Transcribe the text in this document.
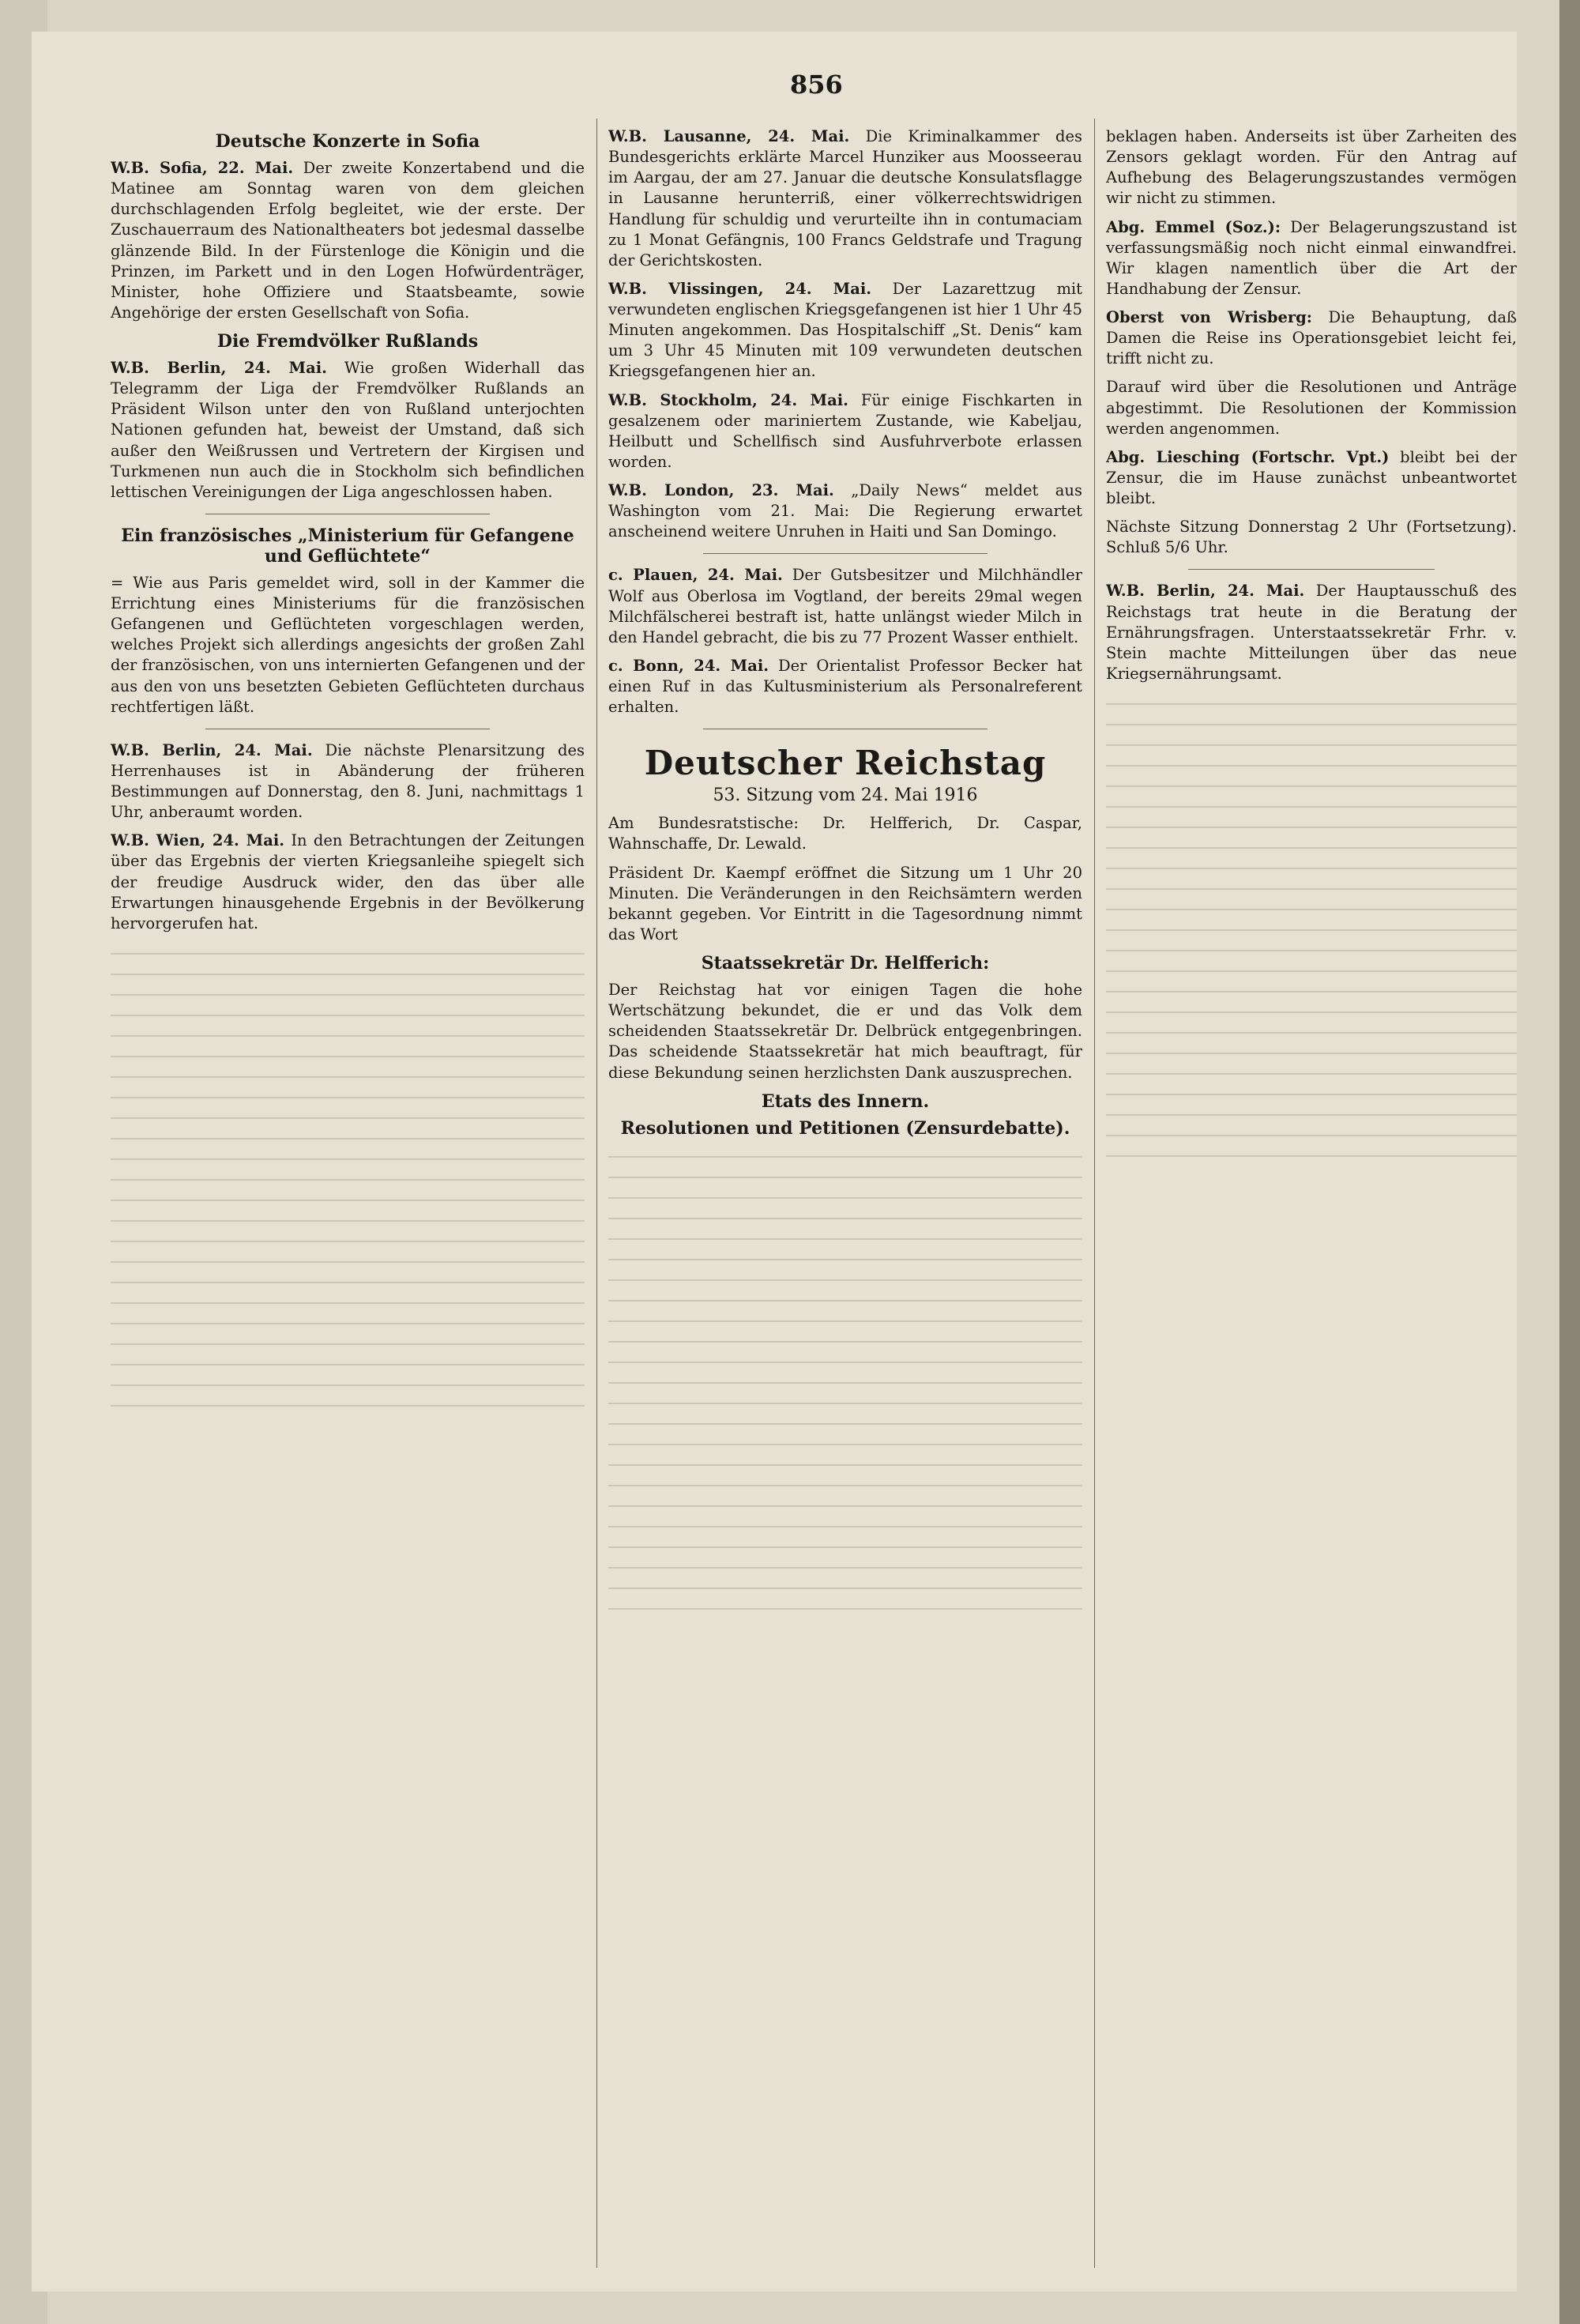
856
Deutsche Konzerte in Sofia

W.B. Sofia, 22. Mai. Der zweite Konzertabend und die Matinee am Sonntag waren von dem gleichen durchschlagenden Erfolg begleitet, wie der erste. Der Zuschauerraum des Nationaltheaters bot jedesmal dasselbe glänzende Bild. In der Fürstenloge die Königin und die Prinzen, im Parkett und in den Logen Hofwürdenträger, Minister, hohe Offiziere und Staatsbeamte, sowie Angehörige der ersten Gesellschaft von Sofia.

Die Fremdvölker Rußlands

W.B. Berlin, 24. Mai. Wie großen Widerhall das Telegramm der Liga der Fremdvölker Rußlands an Präsident Wilson unter den von Rußland unterjochten Nationen gefunden hat, beweist der Umstand, daß sich außer den Weißrussen und Vertretern der Kirgisen und Turkmenen nun auch die in Stockholm sich befindlichen lettischen Vereinigungen der Liga angeschlossen haben.

Ein französisches „Ministerium für Gefangene und Geflüchtete“

= Wie aus Paris gemeldet wird, soll in der Kammer die Errichtung eines Ministeriums für die französischen Gefangenen und Geflüchteten vorgeschlagen werden, welches Projekt sich allerdings angesichts der großen Zahl der französischen, von uns internierten Gefangenen und der aus den von uns besetzten Gebieten Geflüchteten durchaus rechtfertigen läßt.

W.B. Berlin, 24. Mai. Die nächste Plenarsitzung des Herrenhauses ist in Abänderung der früheren Bestimmungen auf Donnerstag, den 8. Juni, nachmittags 1 Uhr, anberaumt worden.

W.B. Wien, 24. Mai. In den Betrachtungen der Zeitungen über das Ergebnis der vierten Kriegsanleihe spiegelt sich der freudige Ausdruck wider, den das über alle Erwartungen hinausgehende Ergebnis in der Bevölkerung hervorgerufen hat.

W.B. Lausanne, 24. Mai. Die Kriminalkammer des Bundesgerichts erklärte Marcel Hunziker aus Moosseerau im Aargau, der am 27. Januar die deutsche Konsulatsflagge in Lausanne herunterriß, einer völkerrechtswidrigen Handlung für schuldig und verurteilte ihn in contumaciam zu 1 Monat Gefängnis, 100 Francs Geldstrafe und Tragung der Gerichtskosten.

W.B. Vlissingen, 24. Mai. Der Lazarettzug mit verwundeten englischen Kriegsgefangenen ist hier 1 Uhr 45 Minuten angekommen. Das Hospitalschiff „St. Denis“ kam um 3 Uhr 45 Minuten mit 109 verwundeten deutschen Kriegsgefangenen hier an.

W.B. Stockholm, 24. Mai. Für einige Fischkarten in gesalzenem oder mariniertem Zustande, wie Kabeljau, Heilbutt und Schellfisch sind Ausfuhrverbote erlassen worden.

W.B. London, 23. Mai. „Daily News“ meldet aus Washington vom 21. Mai: Die Regierung erwartet anscheinend weitere Unruhen in Haiti und San Domingo.

c. Plauen, 24. Mai. Der Gutsbesitzer und Milchhändler Wolf aus Oberlosa im Vogtland, der bereits 29mal wegen Milchfälscherei bestraft ist, hatte unlängst wieder Milch in den Handel gebracht, die bis zu 77 Prozent Wasser enthielt.

c. Bonn, 24. Mai. Der Orientalist Professor Becker hat einen Ruf in das Kultusministerium als Personalreferent erhalten.

Deutscher Reichstag
53. Sitzung vom 24. Mai 1916

Am Bundesratstische: Dr. Helfferich, Dr. Caspar, Wahnschaffe, Dr. Lewald.

Präsident Dr. Kaempf eröffnet die Sitzung um 1 Uhr 20 Minuten. Die Veränderungen in den Reichsämtern werden bekannt gegeben. Vor Eintritt in die Tagesordnung nimmt das Wort

Staatssekretär Dr. Helfferich:

Der Reichstag hat vor einigen Tagen die hohe Wertschätzung bekundet, die er und das Volk dem scheidenden Staatssekretär Dr. Delbrück entgegenbringen. Das scheidende Staatssekretär hat mich beauftragt, für diese Bekundung seinen herzlichsten Dank auszusprechen.

Etats des Innern.
Resolutionen und Petitionen (Zensurdebatte).

beklagen haben. Anderseits ist über Zarheiten des Zensors geklagt worden. Für den Antrag auf Aufhebung des Belagerungszustandes vermögen wir nicht zu stimmen.

Abg. Emmel (Soz.): Der Belagerungszustand ist verfassungsmäßig noch nicht einmal einwandfrei. Wir klagen namentlich über die Art der Handhabung der Zensur.

Oberst von Wrisberg: Die Behauptung, daß Damen die Reise ins Operationsgebiet leicht fei, trifft nicht zu.

Darauf wird über die Resolutionen und Anträge abgestimmt. Die Resolutionen der Kommission werden angenommen.

Abg. Liesching (Fortschr. Vpt.) bleibt bei der Zensur, die im Hause zunächst unbeantwortet bleibt.

Nächste Sitzung Donnerstag 2 Uhr (Fortsetzung). Schluß 5/6 Uhr.

W.B. Berlin, 24. Mai. Der Hauptausschuß des Reichstags trat heute in die Beratung der Ernährungsfragen. Unterstaatssekretär Frhr. v. Stein machte Mitteilungen über das neue Kriegsernährungsamt.
